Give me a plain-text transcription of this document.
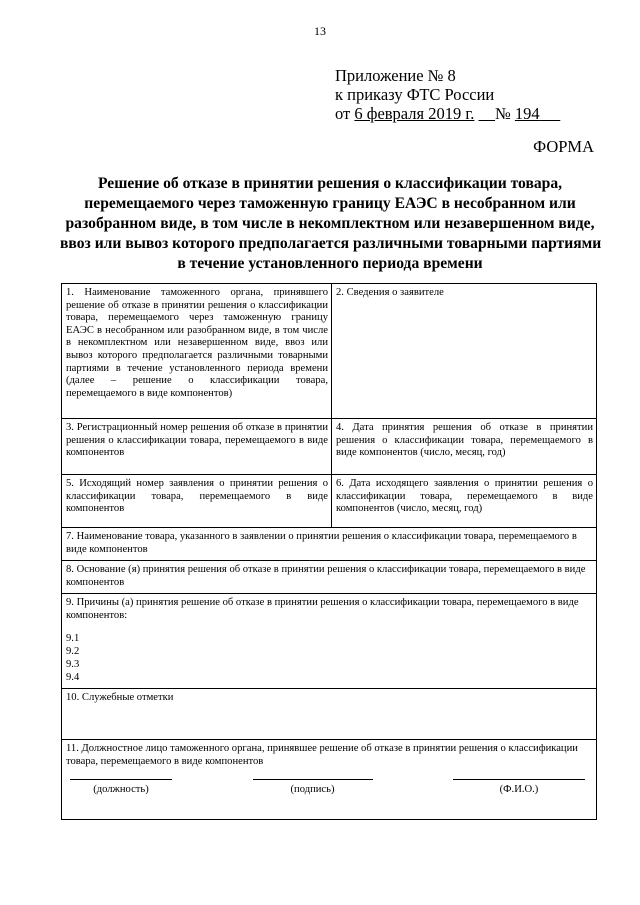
13
Приложение № 8
к приказу ФТС России
от 6 февраля 2019 г. № 194
ФОРМА
Решение об отказе в принятии решения о классификации товара,
перемещаемого через таможенную границу ЕАЭС в несобранном или
разобранном виде, в том числе в некомплектном или незавершенном виде,
ввоз или вывоз которого предполагается различными товарными партиями
в течение установленного периода времени
1. Наименование таможенного органа, принявшего решение об отказе в принятии решения о классификации товара, перемещаемого через таможенную границу ЕАЭС в несобранном или разобранном виде, в том числе в некомплектном или незавершенном виде, ввоз или вывоз которого предполагается различными товарными партиями в течение установленного периода времени (далее – решение о классификации товара, перемещаемого в виде компонентов)	2. Сведения о заявителе
3. Регистрационный номер решения об отказе в принятии решения о классификации товара, перемещаемого в виде компонентов	4. Дата принятия решения об отказе в принятии решения о классификации товара, перемещаемого в виде компонентов (число, месяц, год)
5. Исходящий номер заявления о принятии решения о классификации товара, перемещаемого в виде компонентов	6. Дата исходящего заявления о принятии решения о классификации товара, перемещаемого в виде компонентов (число, месяц, год)
7. Наименование товара, указанного в заявлении о принятии решения о классификации товара, перемещаемого в виде компонентов	
8. Основание (я) принятия решения об отказе в принятии решения о классификации товара, перемещаемого в виде компонентов	

9. Причины (а) принятия решение об отказе в принятии решения о классификации товара, перемещаемого в виде компонентов:
9.1
9.2
9.3
9.4	

10. Служебные отметки	

11. Должностное лицо таможенного органа, принявшее решение об отказе в принятии решения о классификации товара, перемещаемого в виде компонентов
(должность) (подпись) (Ф.И.О.)	
